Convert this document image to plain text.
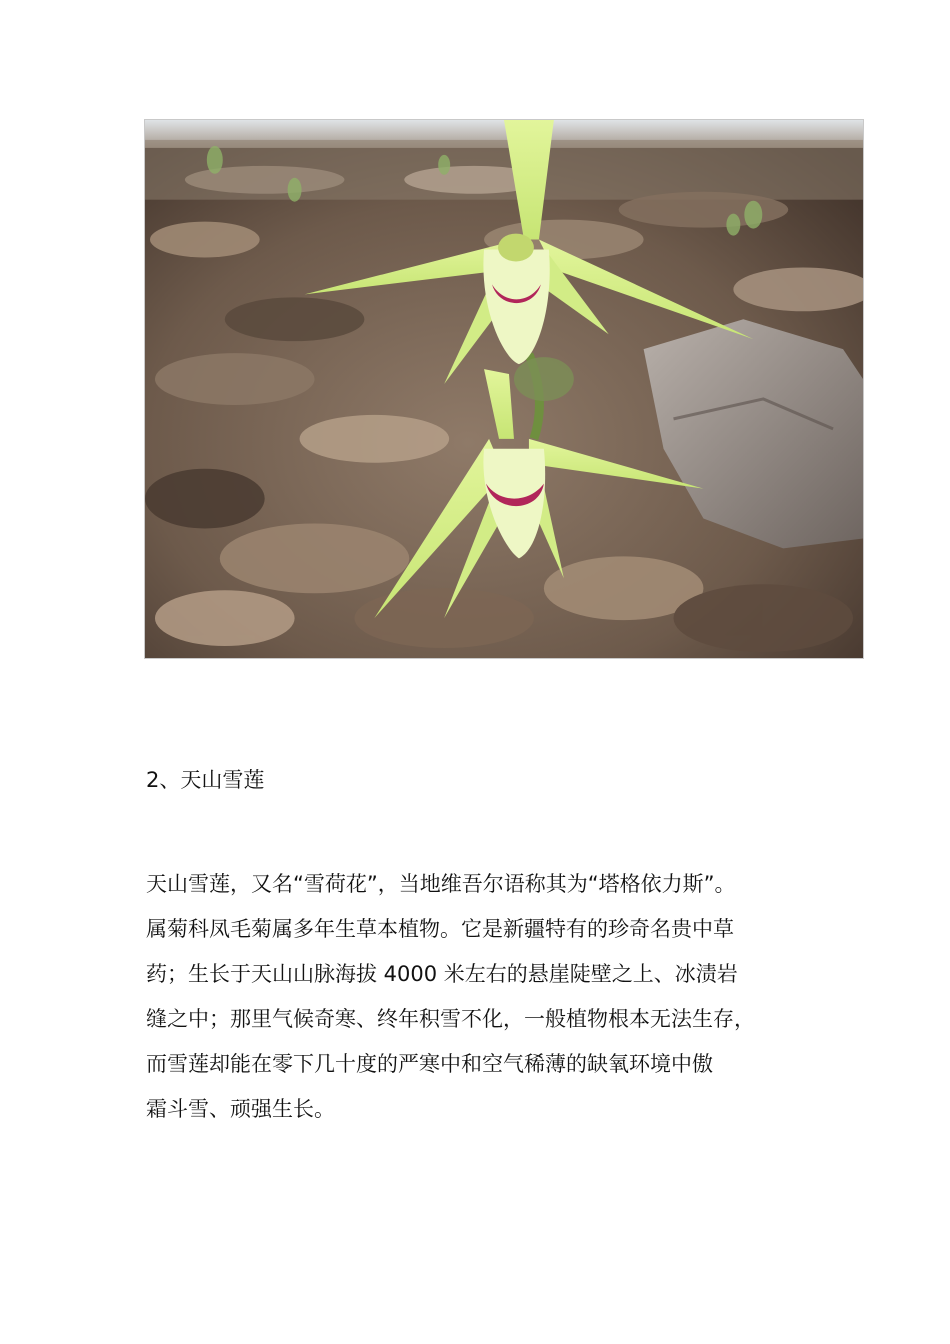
2、天山雪莲
天山雪莲，又名“雪荷花”，当地维吾尔语称其为“塔格依力斯”。
属菊科凤毛菊属多年生草本植物。它是新疆特有的珍奇名贵中草
药；生长于天山山脉海拔 4000 米左右的悬崖陡壁之上、冰渍岩
缝之中；那里气候奇寒、终年积雪不化，一般植物根本无法生存，
而雪莲却能在零下几十度的严寒中和空气稀薄的缺氧环境中傲
霜斗雪、顽强生长。
